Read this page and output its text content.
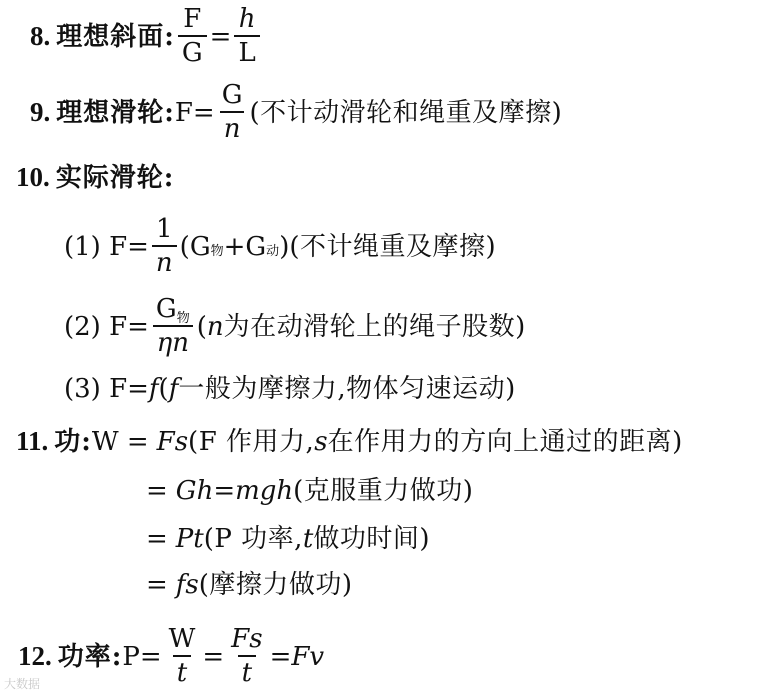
8. 理想斜面: $\frac{F}{G} = \frac{h}{L}$
9. 理想滑轮: $F= \frac{G}{n}$ (不计动滑轮和绳重及摩擦)
10. 实际滑轮:
(1) $F= \frac{1}{n} (G$ 物 +G 动 ) (不计绳重及摩擦)
(2) $F= \frac{\text{G物}}{\eta n}$ ( n 为在动滑轮上的绳子股数)
(3) F= f ( f 一般为摩擦力,物体匀速运动)
11. 功: W = Fs (F 作用力, s 在作用力的方向上通过的距离)
= Gh = mgh (克服重力做功)
= Pt (P 功率, t 做功时间)
= fs (摩擦力做功)
12. 功率: $P= \frac{W}{t} = \frac{Fs}{t} = Fv$
大数据
